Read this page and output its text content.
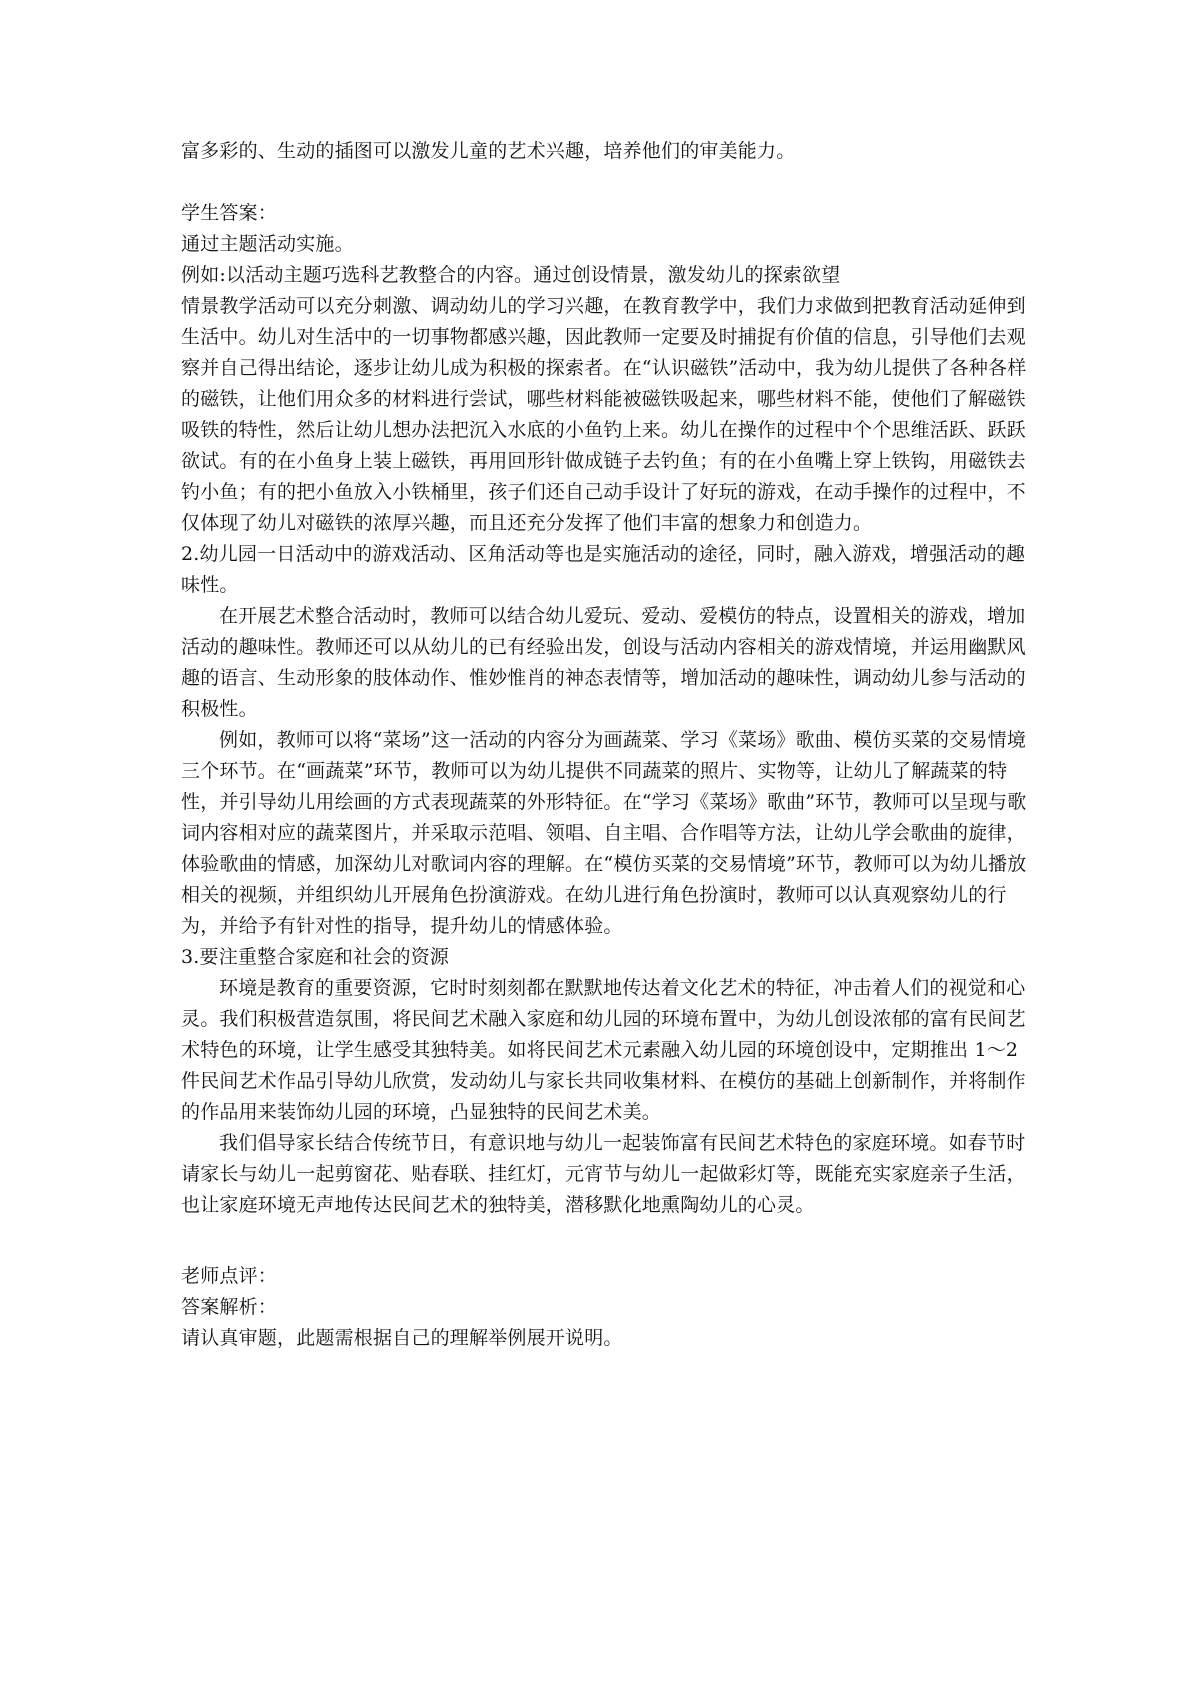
富多彩的、生动的插图可以激发儿童的艺术兴趣，培养他们的审美能力。

学生答案：

通过主题活动实施。

例如:以活动主题巧选科艺教整合的内容。通过创设情景，激发幼儿的探索欲望

情景教学活动可以充分刺激、调动幼儿的学习兴趣，在教育教学中，我们力求做到把教育活动延伸到生活中。幼儿对生活中的一切事物都感兴趣，因此教师一定要及时捕捉有价值的信息，引导他们去观察并自己得出结论，逐步让幼儿成为积极的探索者。在“认识磁铁”活动中，我为幼儿提供了各种各样的磁铁，让他们用众多的材料进行尝试，哪些材料能被磁铁吸起来，哪些材料不能，使他们了解磁铁吸铁的特性，然后让幼儿想办法把沉入水底的小鱼钓上来。幼儿在操作的过程中个个思维活跃、跃跃欲试。有的在小鱼身上装上磁铁，再用回形针做成链子去钓鱼；有的在小鱼嘴上穿上铁钩，用磁铁去钓小鱼；有的把小鱼放入小铁桶里，孩子们还自己动手设计了好玩的游戏，在动手操作的过程中，不仅体现了幼儿对磁铁的浓厚兴趣，而且还充分发挥了他们丰富的想象力和创造力。

2.幼儿园一日活动中的游戏活动、区角活动等也是实施活动的途径，同时，融入游戏，增强活动的趣味性。

在开展艺术整合活动时，教师可以结合幼儿爱玩、爱动、爱模仿的特点，设置相关的游戏，增加活动的趣味性。教师还可以从幼儿的已有经验出发，创设与活动内容相关的游戏情境，并运用幽默风趣的语言、生动形象的肢体动作、惟妙惟肖的神态表情等，增加活动的趣味性，调动幼儿参与活动的积极性。

例如，教师可以将“菜场”这一活动的内容分为画蔬菜、学习《菜场》歌曲、模仿买菜的交易情境三个环节。在“画蔬菜”环节，教师可以为幼儿提供不同蔬菜的照片、实物等，让幼儿了解蔬菜的特性，并引导幼儿用绘画的方式表现蔬菜的外形特征。在“学习《菜场》歌曲”环节，教师可以呈现与歌词内容相对应的蔬菜图片，并采取示范唱、领唱、自主唱、合作唱等方法，让幼儿学会歌曲的旋律，体验歌曲的情感，加深幼儿对歌词内容的理解。在“模仿买菜的交易情境”环节，教师可以为幼儿播放相关的视频，并组织幼儿开展角色扮演游戏。在幼儿进行角色扮演时，教师可以认真观察幼儿的行为，并给予有针对性的指导，提升幼儿的情感体验。

3.要注重整合家庭和社会的资源

环境是教育的重要资源，它时时刻刻都在默默地传达着文化艺术的特征，冲击着人们的视觉和心灵。我们积极营造氛围，将民间艺术融入家庭和幼儿园的环境布置中，为幼儿创设浓郁的富有民间艺术特色的环境，让学生感受其独特美。如将民间艺术元素融入幼儿园的环境创设中，定期推出 1～2 件民间艺术作品引导幼儿欣赏，发动幼儿与家长共同收集材料、在模仿的基础上创新制作，并将制作的作品用来装饰幼儿园的环境，凸显独特的民间艺术美。

我们倡导家长结合传统节日，有意识地与幼儿一起装饰富有民间艺术特色的家庭环境。如春节时请家长与幼儿一起剪窗花、贴春联、挂红灯，元宵节与幼儿一起做彩灯等，既能充实家庭亲子生活，也让家庭环境无声地传达民间艺术的独特美，潜移默化地熏陶幼儿的心灵。

老师点评：

答案解析：

请认真审题，此题需根据自己的理解举例展开说明。
